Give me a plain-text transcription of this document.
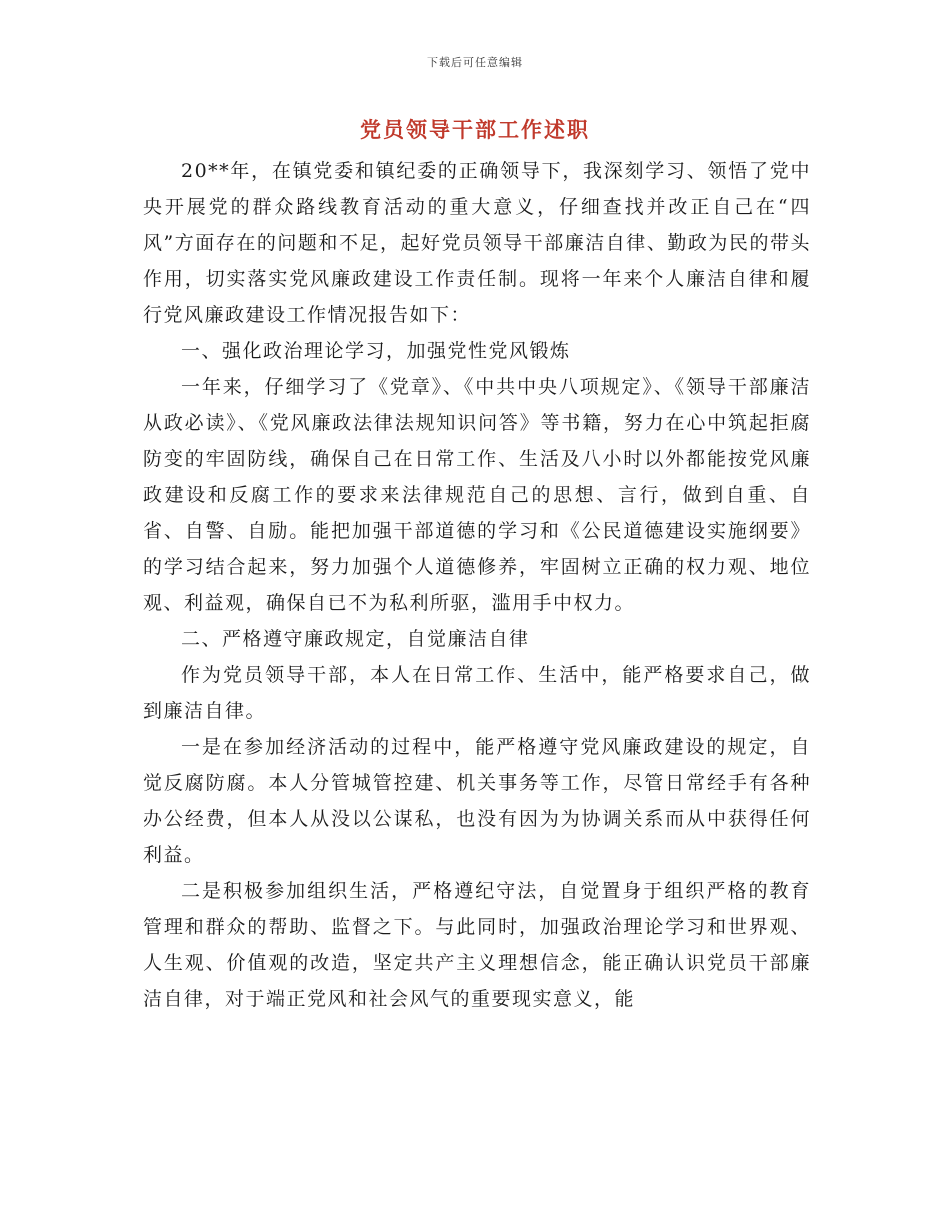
下载后可任意编辑
党员领导干部工作述职

20**年，在镇党委和镇纪委的正确领导下，我深刻学习、领悟了党中央开展党的群众路线教育活动的重大意义，仔细查找并改正自己在“四风”方面存在的问题和不足，起好党员领导干部廉洁自律、勤政为民的带头作用，切实落实党风廉政建设工作责任制。现将一年来个人廉洁自律和履行党风廉政建设工作情况报告如下：

一、强化政治理论学习，加强党性党风锻炼

一年来，仔细学习了《党章》、《中共中央八项规定》、《领导干部廉洁从政必读》、《党风廉政法律法规知识问答》等书籍，努力在心中筑起拒腐防变的牢固防线，确保自己在日常工作、生活及八小时以外都能按党风廉政建设和反腐工作的要求来法律规范自己的思想、言行，做到自重、自省、自警、自励。能把加强干部道德的学习和《公民道德建设实施纲要》的学习结合起来，努力加强个人道德修养，牢固树立正确的权力观、地位观、利益观，确保自已不为私利所驱，滥用手中权力。

二、严格遵守廉政规定，自觉廉洁自律

作为党员领导干部，本人在日常工作、生活中，能严格要求自己，做到廉洁自律。

一是在参加经济活动的过程中，能严格遵守党风廉政建设的规定，自觉反腐防腐。本人分管城管控建、机关事务等工作，尽管日常经手有各种办公经费，但本人从没以公谋私，也没有因为为协调关系而从中获得任何利益。

二是积极参加组织生活，严格遵纪守法，自觉置身于组织严格的教育管理和群众的帮助、监督之下。与此同时，加强政治理论学习和世界观、人生观、价值观的改造，坚定共产主义理想信念，能正确认识党员干部廉洁自律，对于端正党风和社会风气的重要现实意义，能
